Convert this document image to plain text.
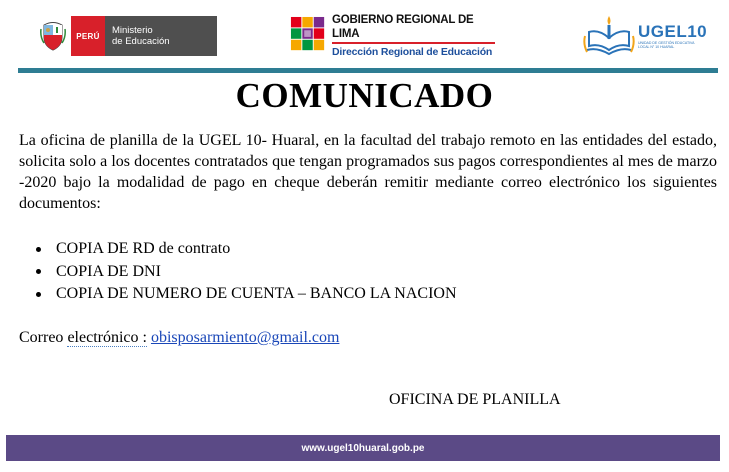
PERÚ	Ministerio
de Educación
GOBIERNO REGIONAL DE LIMA
Dirección Regional de Educación
UGEL10
UNIDAD DE GESTIÓN EDUCATIVA LOCAL N° 10 HUARAL
COMUNICADO
La oficina de planilla de la UGEL 10- Huaral, en la facultad del trabajo remoto en las entidades del estado, solicita solo a los docentes contratados que tengan programados sus pagos correspondientes al mes de marzo -2020 bajo la modalidad de pago en cheque deberán remitir mediante correo electrónico los siguientes documentos:
COPIA DE RD de contrato
COPIA DE DNI
COPIA DE NUMERO DE CUENTA – BANCO LA NACION
Correo electrónico : obisposarmiento@gmail.com
OFICINA DE PLANILLA
www.ugel10huaral.gob.pe
